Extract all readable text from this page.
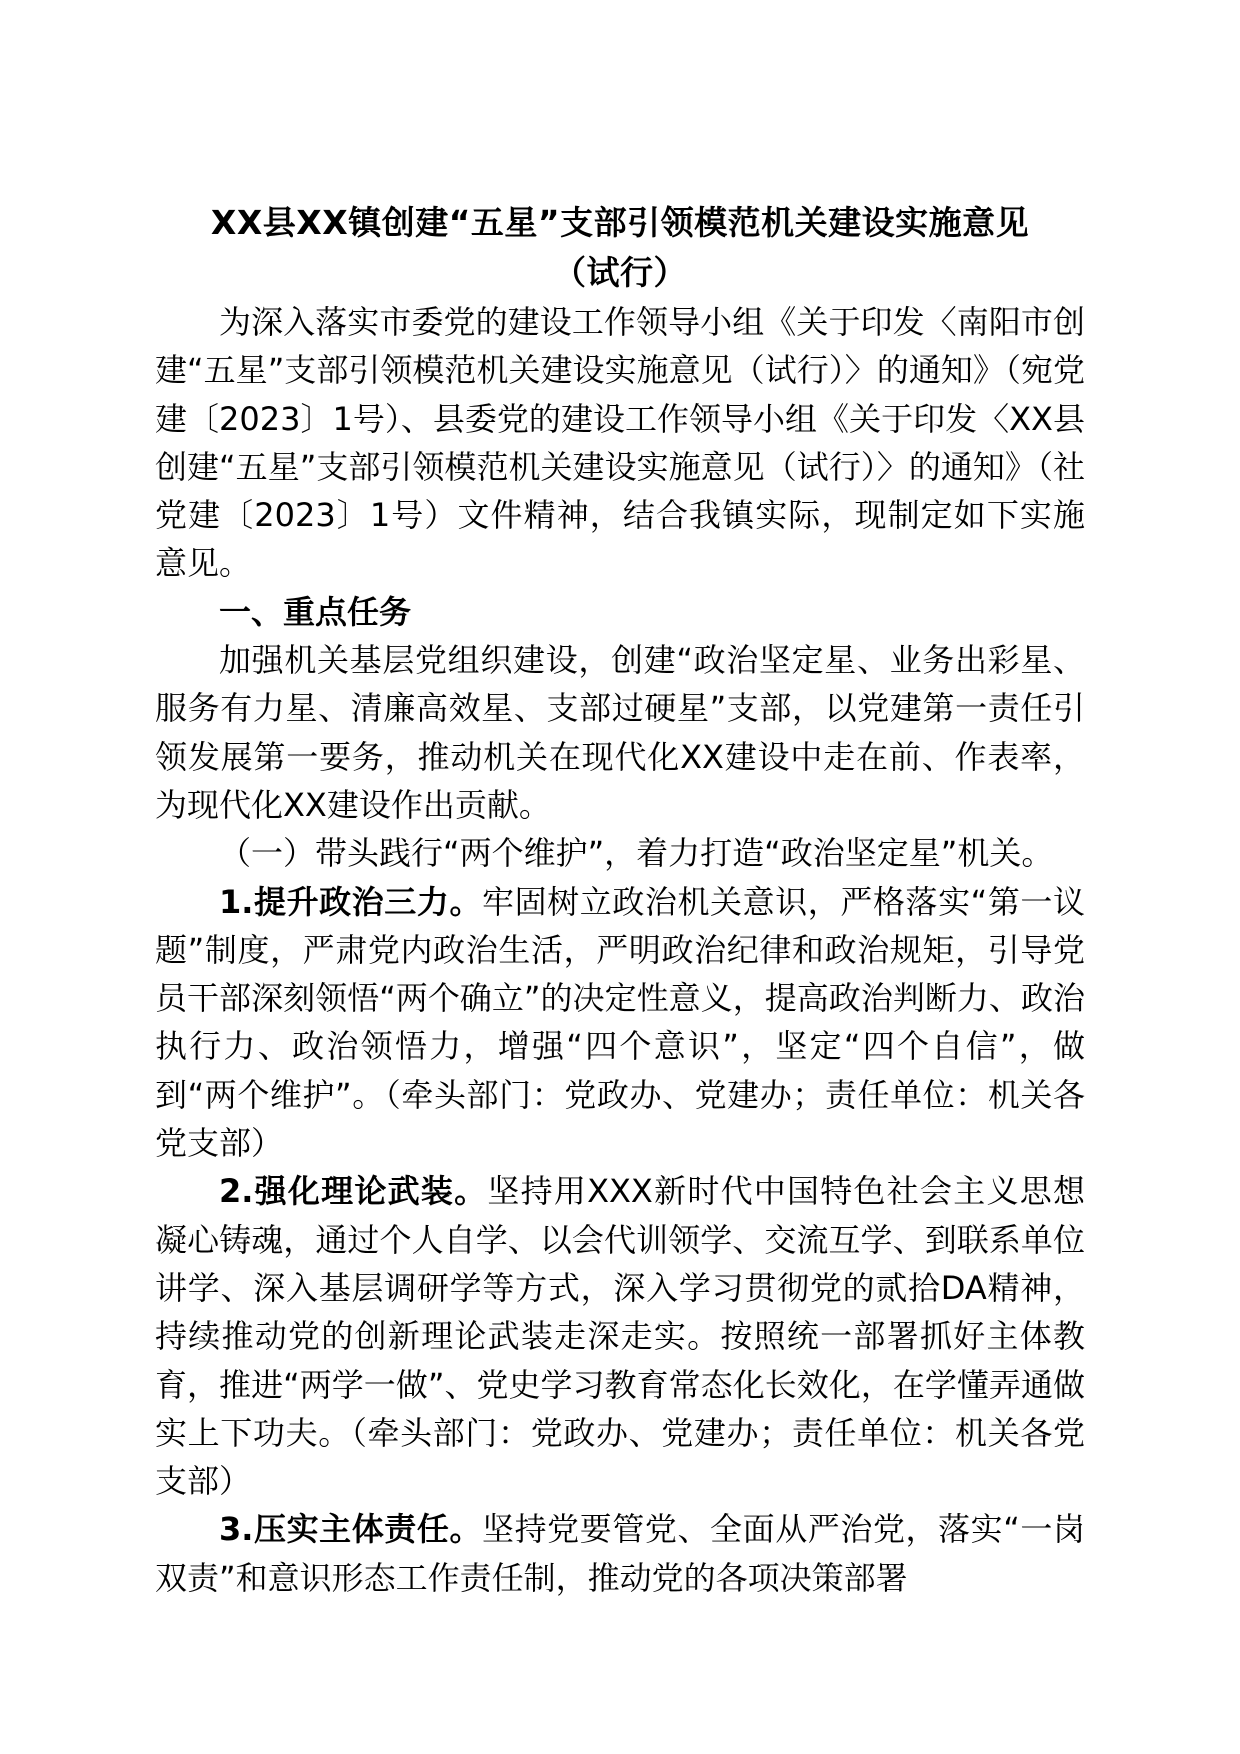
XX县XX镇创建“五星”支部引领模范机关建设实施意见
（试行）

为深入落实市委党的建设工作领导小组《关于印发〈南阳市创建“五星”支部引领模范机关建设实施意见（试行）〉的通知》（宛党建〔2023〕1号）、县委党的建设工作领导小组《关于印发〈XX县创建“五星”支部引领模范机关建设实施意见（试行）〉的通知》（社党建〔2023〕1号）文件精神，结合我镇实际，现制定如下实施意见。

一、重点任务

加强机关基层党组织建设，创建“政治坚定星、业务出彩星、服务有力星、清廉高效星、支部过硬星”支部，以党建第一责任引领发展第一要务，推动机关在现代化XX建设中走在前、作表率，为现代化XX建设作出贡献。

（一）带头践行“两个维护”，着力打造“政治坚定星”机关。

1.提升政治三力。牢固树立政治机关意识，严格落实“第一议题”制度，严肃党内政治生活，严明政治纪律和政治规矩，引导党员干部深刻领悟“两个确立”的决定性意义，提高政治判断力、政治执行力、政治领悟力，增强“四个意识”，坚定“四个自信”，做到“两个维护”。（牵头部门：党政办、党建办；责任单位：机关各党支部）

2.强化理论武装。坚持用XXX新时代中国特色社会主义思想凝心铸魂，通过个人自学、以会代训领学、交流互学、到联系单位讲学、深入基层调研学等方式，深入学习贯彻党的贰拾DA精神，持续推动党的创新理论武装走深走实。按照统一部署抓好主体教育，推进“两学一做”、党史学习教育常态化长效化，在学懂弄通做实上下功夫。（牵头部门：党政办、党建办；责任单位：机关各党支部）

3.压实主体责任。坚持党要管党、全面从严治党，落实“一岗双责”和意识形态工作责任制，推动党的各项决策部署
